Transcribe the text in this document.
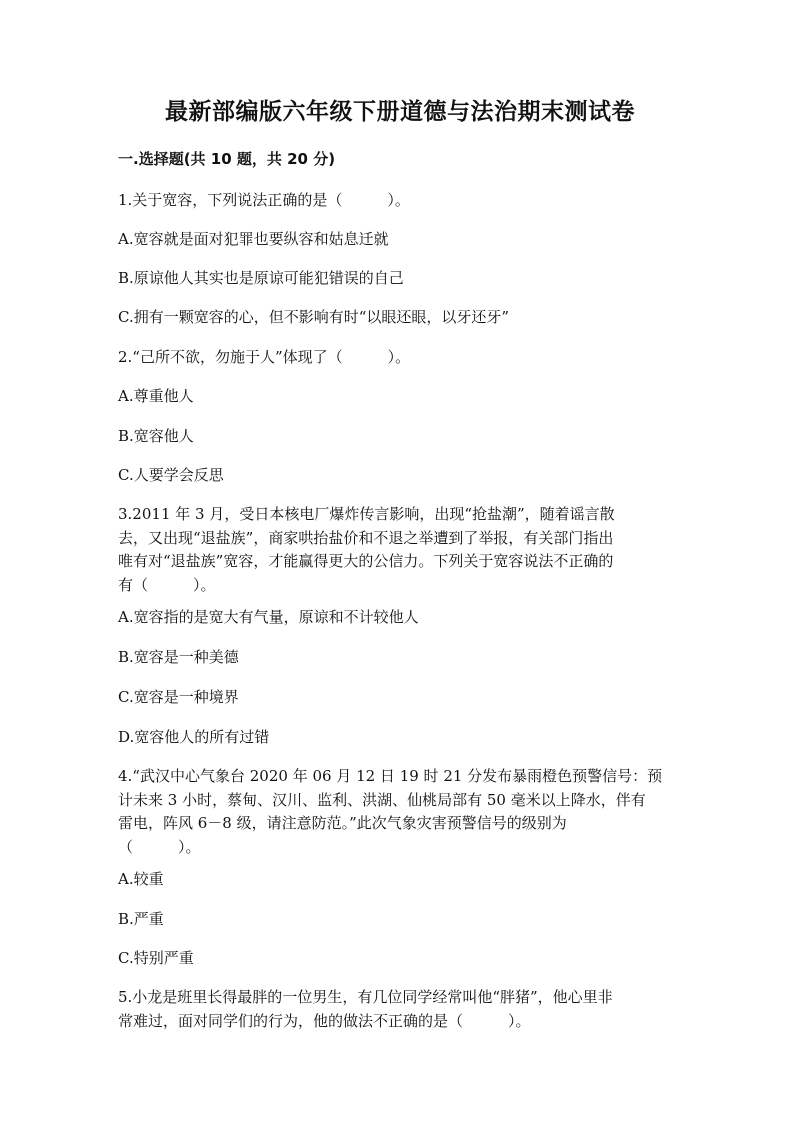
最新部编版六年级下册道德与法治期末测试卷
一.选择题(共 10 题，共 20 分)
1.关于宽容，下列说法正确的是（　　　）。
A.宽容就是面对犯罪也要纵容和姑息迁就
B.原谅他人其实也是原谅可能犯错误的自己
C.拥有一颗宽容的心，但不影响有时“以眼还眼，以牙还牙”
2.“己所不欲，勿施于人”体现了（　　　）。
A.尊重他人
B.宽容他人
C.人要学会反思
3.2011 年 3 月，受日本核电厂爆炸传言影响，出现“抢盐潮”，随着谣言散
去，又出现“退盐族”，商家哄抬盐价和不退之举遭到了举报，有关部门指出
唯有对“退盐族”宽容，才能赢得更大的公信力。下列关于宽容说法不正确的
有（　　　）。
A.宽容指的是宽大有气量，原谅和不计较他人
B.宽容是一种美德
C.宽容是一种境界
D.宽容他人的所有过错
4.“武汉中心气象台 2020 年 06 月 12 日 19 时 21 分发布暴雨橙色预警信号：预
计未来 3 小时，蔡甸、汉川、监利、洪湖、仙桃局部有 50 毫米以上降水，伴有
雷电，阵风 6－8 级，请注意防范。”此次气象灾害预警信号的级别为
（　　　）。
A.较重
B.严重
C.特别严重
5.小龙是班里长得最胖的一位男生，有几位同学经常叫他“胖猪”，他心里非
常难过，面对同学们的行为，他的做法不正确的是（　　　）。
